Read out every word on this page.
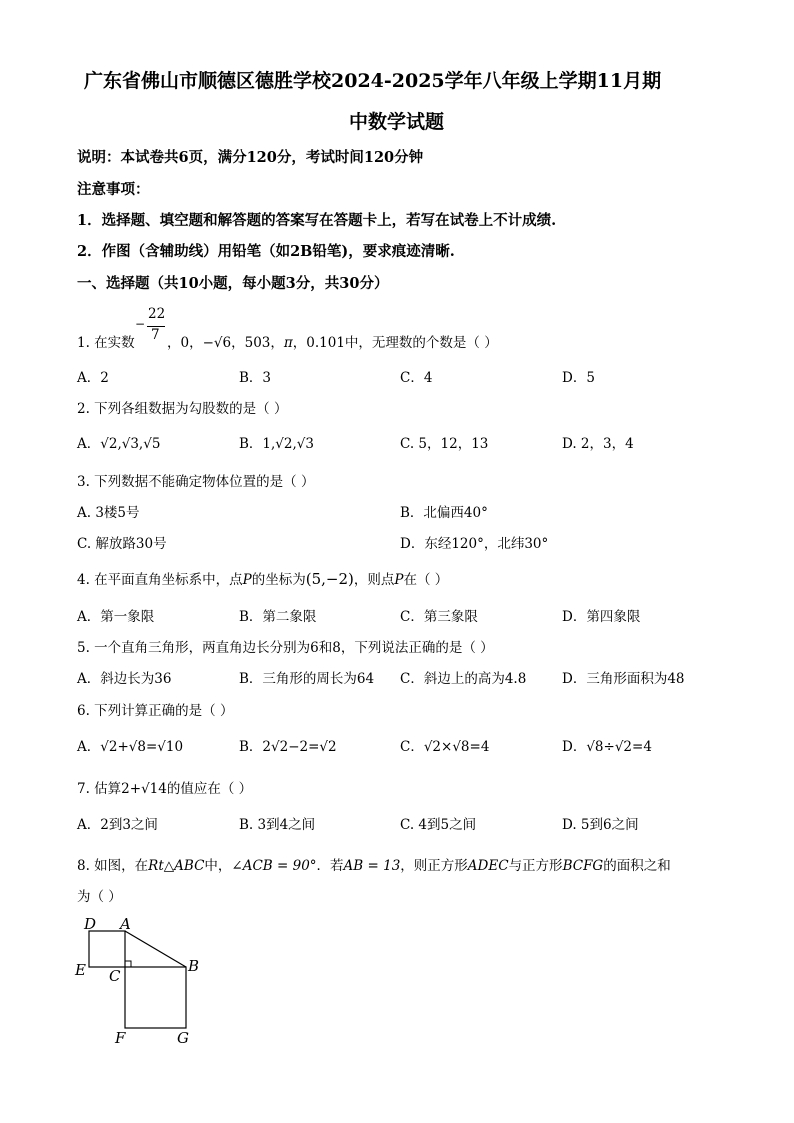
广东省佛山市顺德区德胜学校2024-2025学年八年级上学期11月期
中数学试题
说明：本试卷共6页，满分120分，考试时间120分钟
注意事项：
1．选择题、填空题和解答题的答案写在答题卡上，若写在试卷上不计成绩.
2．作图（含辅助线）用铅笔（如2B铅笔)，要求痕迹清晰.
一、选择题（共10小题，每小题3分，共30分）
1. 在实数
−
22
7 ，0，−√6，503，π，0.101中，无理数的个数是（ ）
A．2	B．3	C．4	D．5
2. 下列各组数据为勾股数的是（ ）
A．√2,√3,√5	B．1,√2,√3	C. 5，12，13	D. 2，3，4
3. 下列数据不能确定物体位置的是（ ）
A. 3楼5号	B．北偏西40°
C. 解放路30号	D．东经120°，北纬30°
4. 在平面直角坐标系中，点P的坐标为(5,−2)，则点P在（ ）
A．第一象限	B．第二象限	C．第三象限	D．第四象限
5. 一个直角三角形，两直角边长分别为6和8，下列说法正确的是（ ）
A．斜边长为36	B．三角形的周长为64 C．斜边上的高为4.8	D．三角形面积为48
6. 下列计算正确的是（ ）
A．√2+√8=√10	B．2√2−2=√2	C．√2×√8=4	D．√8÷√2=4
7. 估算2+√14的值应在（ ）
A．2到3之间	B. 3到4之间	C. 4到5之间	D. 5到6之间
8. 如图，在Rt△ABC中，∠ACB = 90°．若AB = 13，则正方形ADEC与正方形BCFG的面积之和
为（ ）
D A
E C
B
F	G
